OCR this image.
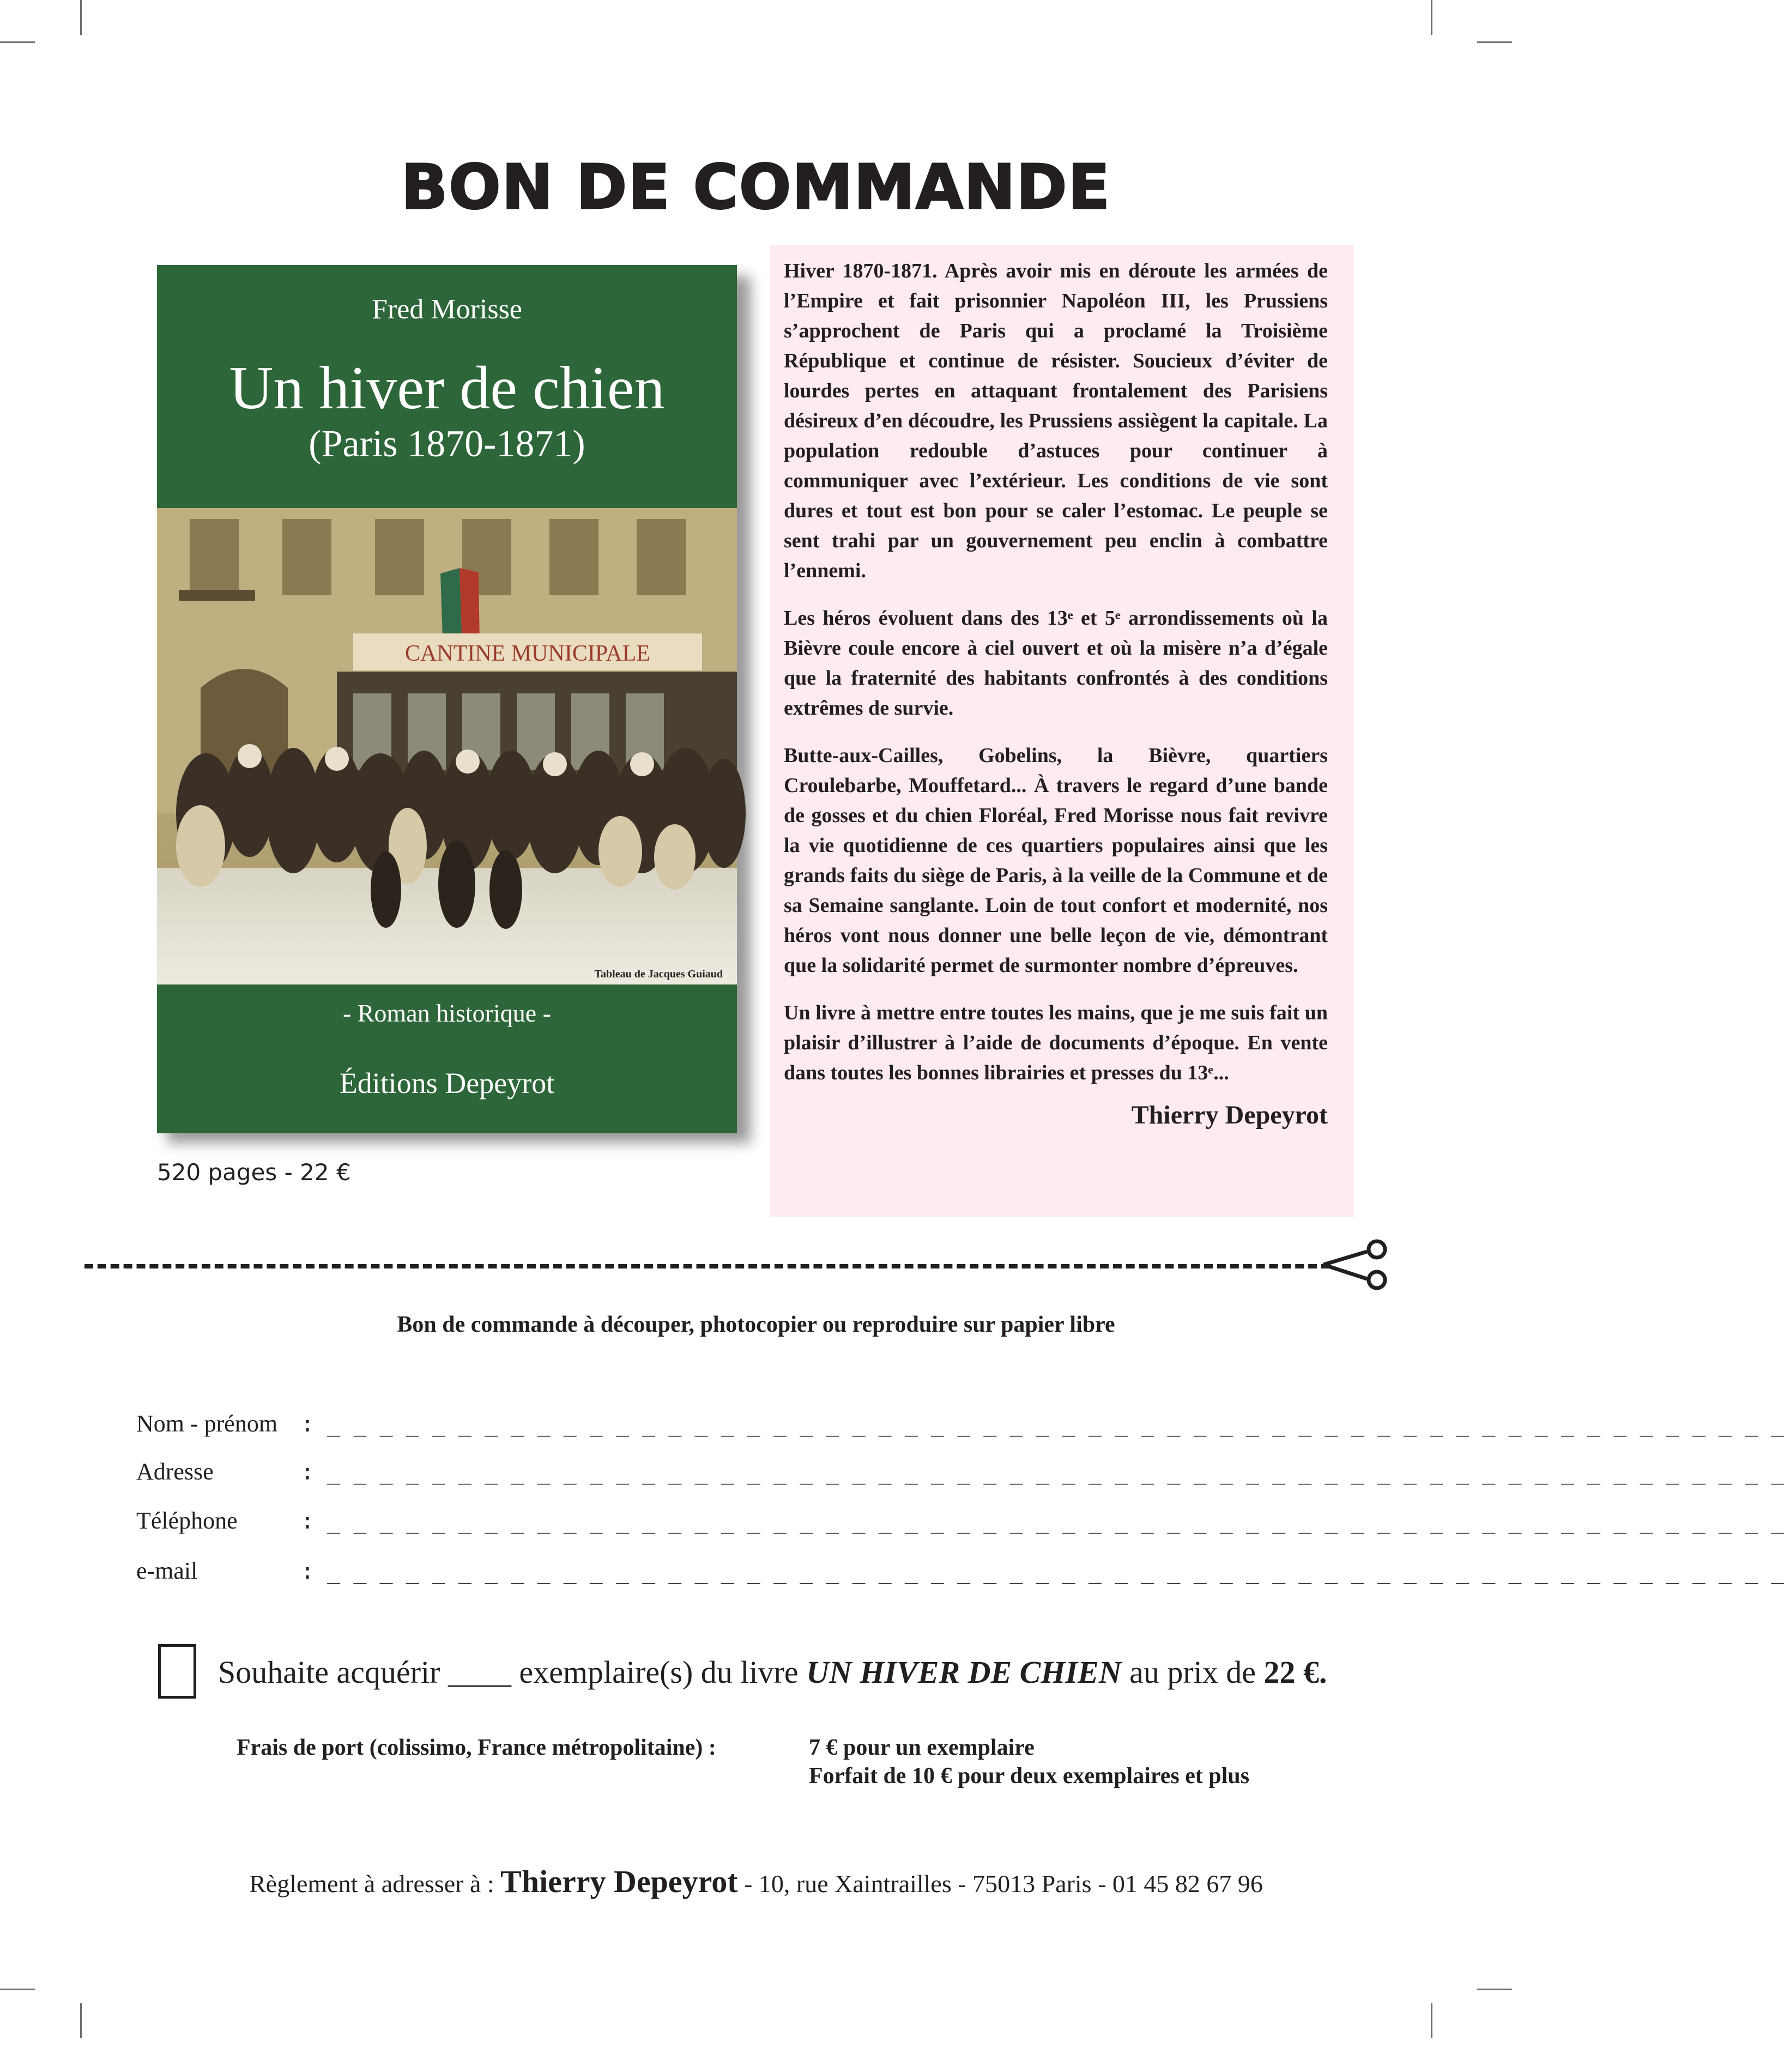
BON DE COMMANDE
Fred Morisse
Un hiver de chien
(Paris 1870-1871)
CANTINE MUNICIPALE
Tableau de Jacques Guiaud
- Roman historique -
Éditions Depeyrot
520 pages - 22 €

Hiver 1870-1871. Après avoir mis en déroute les armées de l’Empire et fait prisonnier Napoléon III, les Prussiens s’approchent de Paris qui a proclamé la Troisième République et continue de résister. Soucieux d’éviter de lourdes pertes en attaquant frontalement des Parisiens désireux d’en découdre, les Prussiens assiègent la capitale. La population redouble d’astuces pour continuer à communiquer avec l’extérieur. Les conditions de vie sont dures et tout est bon pour se caler l’estomac. Le peuple se sent trahi par un gouvernement peu enclin à combattre l’ennemi.

Les héros évoluent dans des 13ᵉ et 5ᵉ arrondissements où la Bièvre coule encore à ciel ouvert et où la misère n’a d’égale que la fraternité des habitants confrontés à des conditions extrêmes de survie.

Butte-aux-Cailles, Gobelins, la Bièvre, quartiers Croulebarbe, Mouffetard... À travers le regard d’une bande de gosses et du chien Floréal, Fred Morisse nous fait revivre la vie quotidienne de ces quartiers populaires ainsi que les grands faits du siège de Paris, à la veille de la Commune et de sa Semaine sanglante. Loin de tout confort et modernité, nos héros vont nous donner une belle leçon de vie, démontrant que la solidarité permet de surmonter nombre d’épreuves.

Un livre à mettre entre toutes les mains, que je me suis fait un plaisir d’illustrer à l’aide de documents d’époque. En vente dans toutes les bonnes librairies et presses du 13ᵉ...

Thierry Depeyrot

Bon de commande à découper, photocopier ou reproduire sur papier libre
Nom - prénom : _ _ _ _ _ _ _ _ _ _ _ _ _ _ _ _ _ _ _ _ _ _ _ _ _ _ _ _ _ _ _ _ _ _ _ _ _ _ _ _ _ _ _ _ _ _ _ _ _ _ _ _ _ _ _ _
Adresse	: _ _ _ _ _ _ _ _ _ _ _ _ _ _ _ _ _ _ _ _ _ _ _ _ _ _ _ _ _ _ _ _ _ _ _ _ _ _ _ _ _ _ _ _ _ _ _ _ _ _ _ _ _ _ _ _
Téléphone	: _ _ _ _ _ _ _ _ _ _ _ _ _ _ _ _ _ _ _ _ _ _ _ _ _ _ _ _ _ _ _ _ _ _ _ _ _ _ _ _ _ _ _ _ _ _ _ _ _ _ _ _ _ _ _ _
e-mail	: _ _ _ _ _ _ _ _ _ _ _ _ _ _ _ _ _ _ _ _ _ _ _ _ _ _ _ _ _ _ _ _ _ _ _ _ _ _ _ _ _ _ _ _ _ _ _ _ _ _ _ _ _ _ _ _
Souhaite acquérir ____ exemplaire(s) du livre UN HIVER DE CHIEN au prix de 22 €.
Frais de port (colissimo, France métropolitaine) :	7 € pour un exemplaire
Forfait de 10 € pour deux exemplaires et plus
Règlement à adresser à : Thierry Depeyrot - 10, rue Xaintrailles - 75013 Paris - 01 45 82 67 96
